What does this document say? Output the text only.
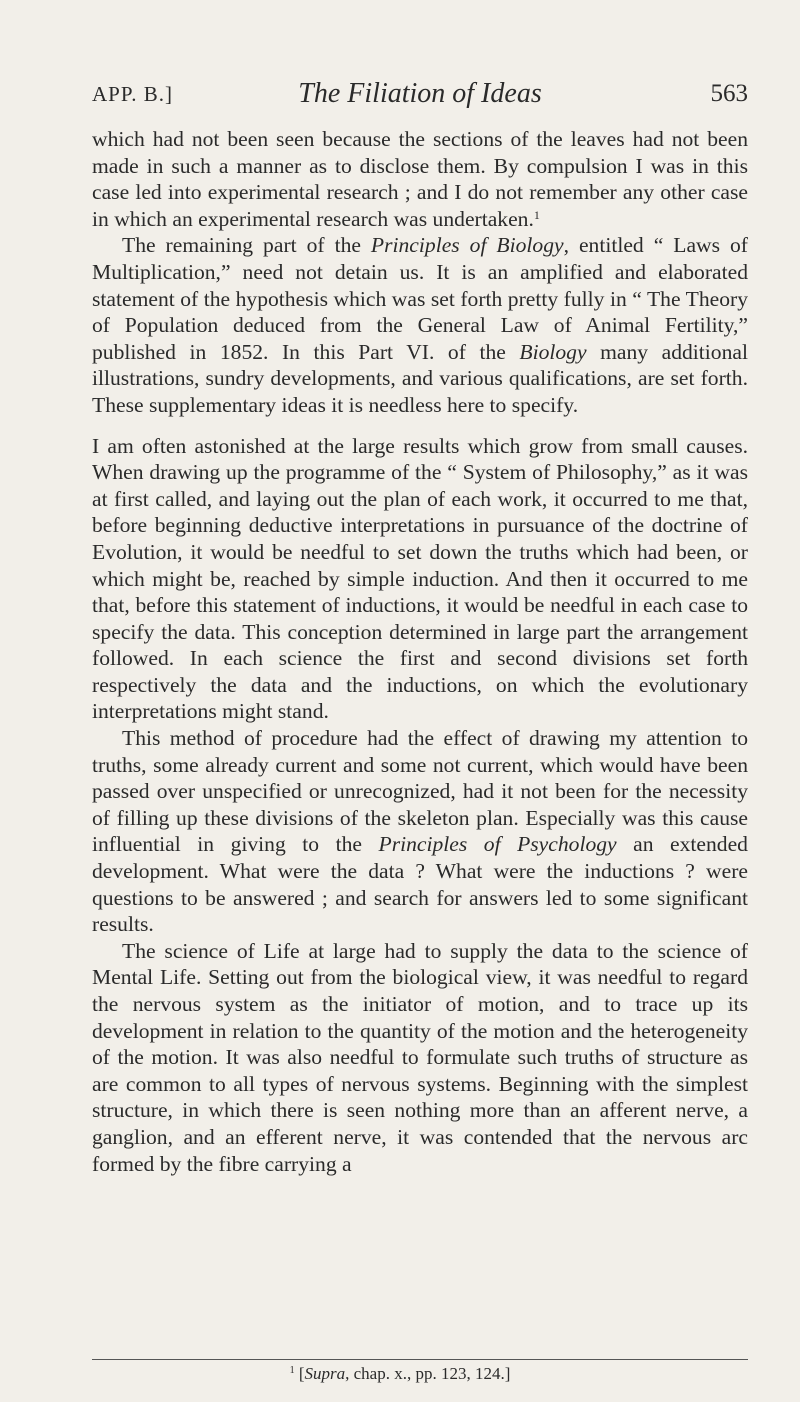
APP. B.]	The Filiation of Ideas	563

which had not been seen because the sections of the leaves had not been made in such a manner as to disclose them. By compulsion I was in this case led into experimental research ; and I do not remember any other case in which an experimental research was undertaken.$^1$

The remaining part of the Principles of Biology, entitled “ Laws of Multiplication,” need not detain us. It is an amplified and elaborated statement of the hypothesis which was set forth pretty fully in “ The Theory of Population deduced from the General Law of Animal Fertility,” published in 1852. In this Part VI. of the Biology many additional illustrations, sundry developments, and various qualifications, are set forth. These supplementary ideas it is needless here to specify.

I am often astonished at the large results which grow from small causes. When drawing up the programme of the “ System of Philosophy,” as it was at first called, and laying out the plan of each work, it occurred to me that, before beginning deductive interpretations in pursuance of the doctrine of Evolution, it would be needful to set down the truths which had been, or which might be, reached by simple induction. And then it occurred to me that, before this statement of inductions, it would be needful in each case to specify the data. This conception determined in large part the arrangement followed. In each science the first and second divisions set forth respectively the data and the inductions, on which the evolutionary interpretations might stand.

This method of procedure had the effect of drawing my attention to truths, some already current and some not current, which would have been passed over unspecified or unrecognized, had it not been for the necessity of filling up these divisions of the skeleton plan. Especially was this cause influential in giving to the Principles of Psychology an extended development. What were the data ? What were the inductions ? were questions to be answered ; and search for answers led to some significant results.

The science of Life at large had to supply the data to the science of Mental Life. Setting out from the biological view, it was needful to regard the nervous system as the initiator of motion, and to trace up its development in relation to the quantity of the motion and the heterogeneity of the motion. It was also needful to formulate such truths of structure as are common to all types of nervous systems. Beginning with the simplest structure, in which there is seen nothing more than an afferent nerve, a ganglion, and an efferent nerve, it was contended that the nervous arc formed by the fibre carrying a

$^1$ [Supra, chap. x., pp. 123, 124.]
